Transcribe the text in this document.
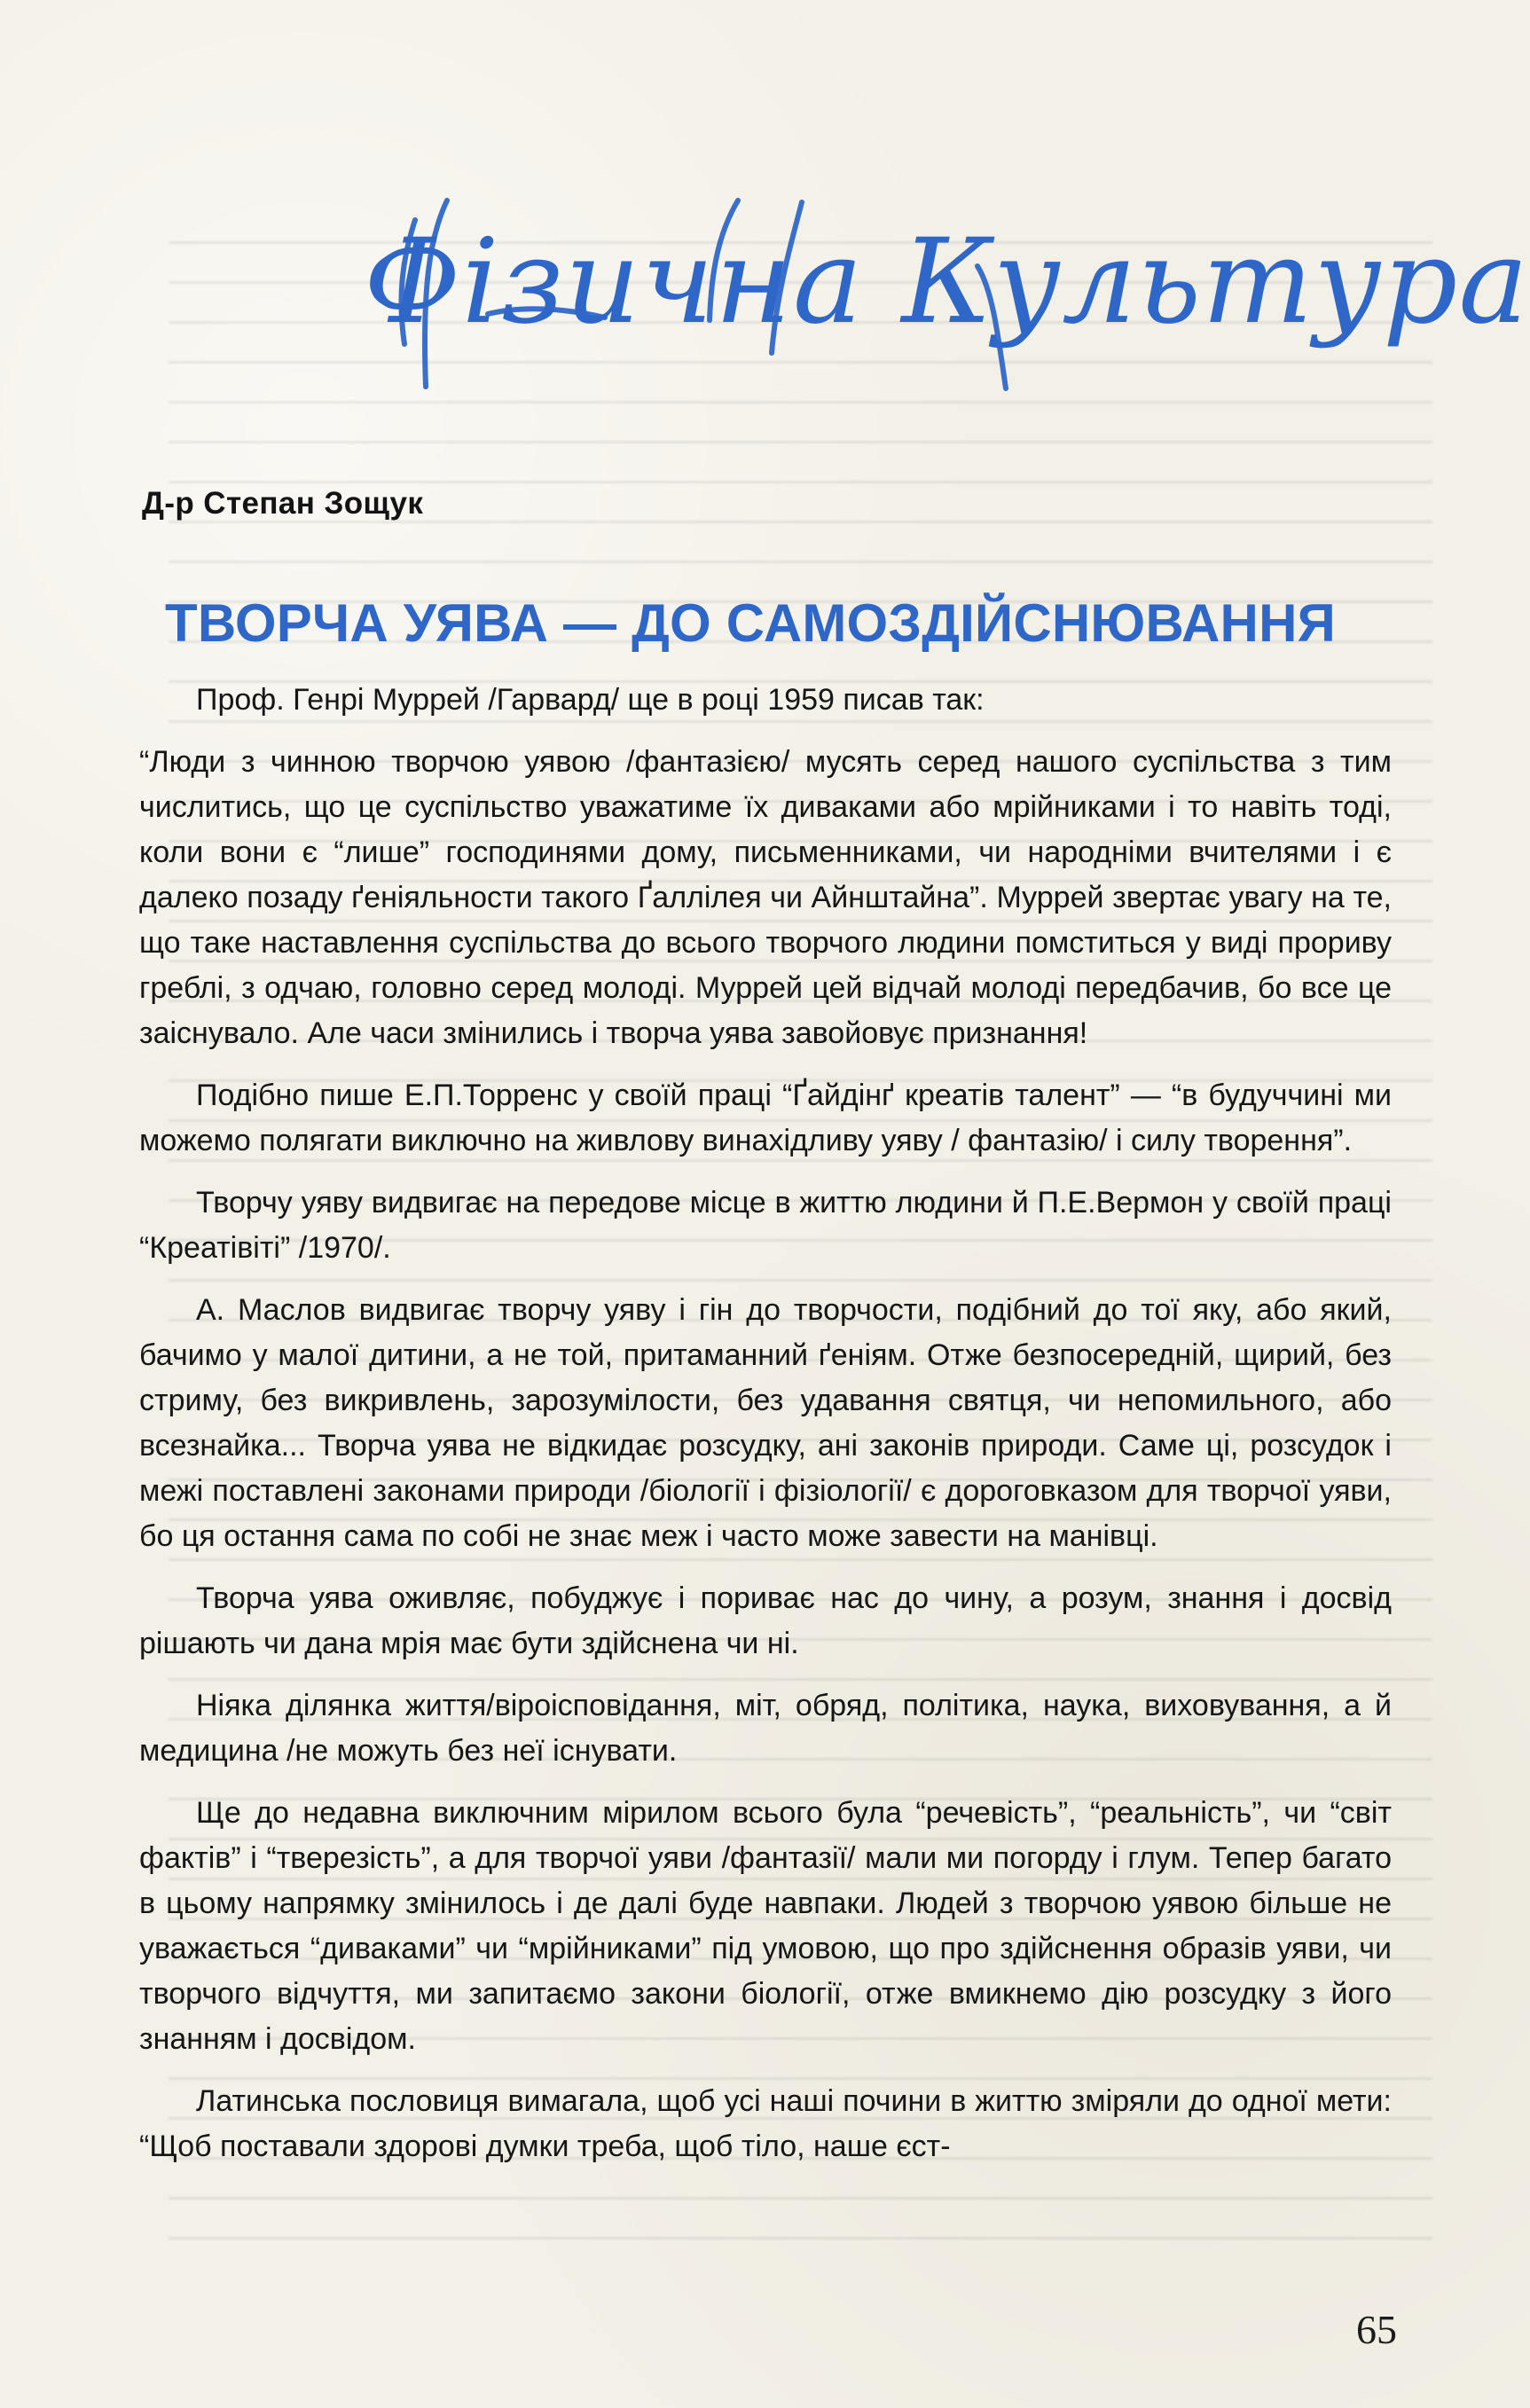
Фізична Культура
Д-р Степан Зощук
ТВОРЧА УЯВА — ДО САМОЗДІЙСНЮВАННЯ

Проф. Генрі Муррей /Гарвард/ ще в році 1959 писав так:

“Люди з чинною творчою уявою /фантазією/ мусять серед нашого суспільства з тим числитись, що це суспільство уважатиме їх диваками або мрійниками і то навіть тоді, коли вони є “лише” господинями дому, письменниками, чи народніми вчителями і є далеко позаду ґеніяльности такого Ґаллілея чи Айнштайна”. Муррей звертає увагу на те, що таке наставлення суспільства до всього творчого людини помститься у виді прориву греблі, з одчаю, головно серед молоді. Муррей цей відчай молоді передбачив, бо все це заіснувало. Але часи змінились і творча уява завойовує признання!

Подібно пише Е.П.Торренс у своїй праці “Ґайдінґ креатів талент” — “в будуччині ми можемо полягати виключно на живлову винахідливу уяву / фантазію/ і силу творення”.

Творчу уяву видвигає на передове місце в життю людини й П.Е.Вермон у своїй праці “Креатівіті” /1970/.

А. Маслов видвигає творчу уяву і гін до творчости, подібний до тої яку, або який, бачимо у малої дитини, а не той, притаманний ґеніям. Отже безпосередній, щирий, без стриму, без викривлень, зарозумілости, без удавання святця, чи непомильного, або всезнайка... Творча уява не відкидає розсудку, ані законів природи. Саме ці, розсудок і межі поставлені законами природи /біології і фізіології/ є дороговказом для творчої уяви, бо ця остання сама по собі не знає меж і часто може завести на манівці.

Творча уява оживляє, побуджує і пориває нас до чину, а розум, знання і досвід рішають чи дана мрія має бути здійснена чи ні.

Ніяка ділянка життя/віроісповідання, міт, обряд, політика, наука, виховування, а й медицина /не можуть без неї існувати.

Ще до недавна виключним мірилом всього була “речевість”, “реальність”, чи “світ фактів” і “тверезість”, а для творчої уяви /фантазії/ мали ми погорду і глум. Тепер багато в цьому напрямку змінилось і де далі буде навпаки. Людей з творчою уявою більше не уважається “диваками” чи “мрійниками” під умовою, що про здійснення образів уяви, чи творчого відчуття, ми запитаємо закони біології, отже вмикнемо дію розсудку з його знанням і досвідом.

Латинська пословиця вимагала, щоб усі наші почини в життю зміряли до одної мети: “Щоб поставали здорові думки треба, щоб тіло, наше єст-

65
